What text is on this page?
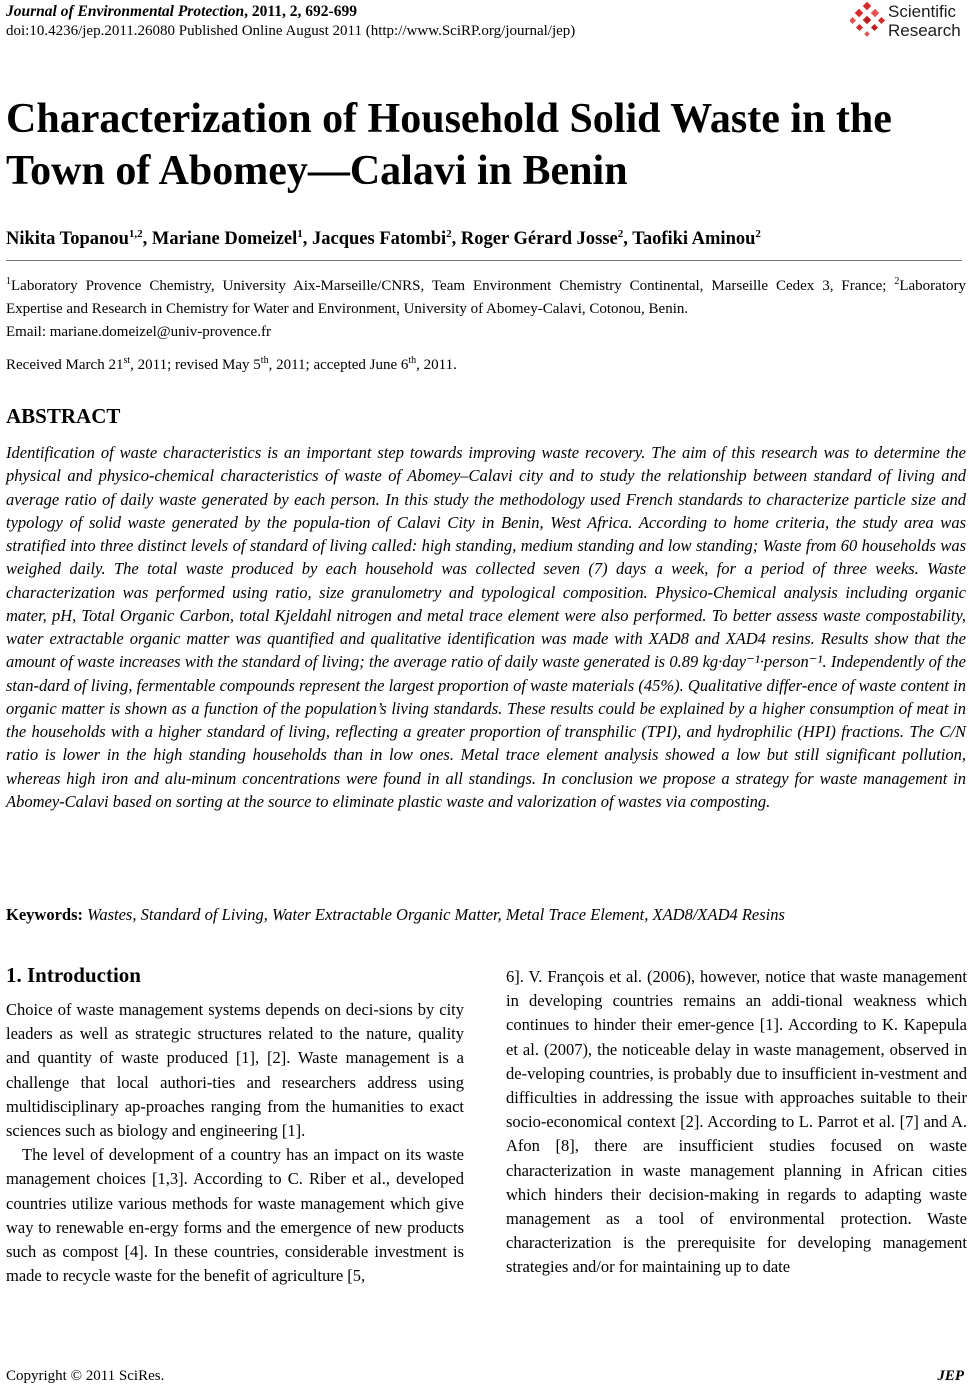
Journal of Environmental Protection, 2011, 2, 692-699
doi:10.4236/jep.2011.26080 Published Online August 2011 (http://www.SciRP.org/journal/jep)
Scientific
Research
Characterization of Household Solid Waste in the Town of Abomey—Calavi in Benin
Nikita Topanou$^{1,2}$, Mariane Domeizel$^1$, Jacques Fatombi$^2$, Roger Gérard Josse$^2$, Taofiki Aminou$^2$
$^1$Laboratory Provence Chemistry, University Aix-Marseille/CNRS, Team Environment Chemistry Continental, Marseille Cedex 3, France; $^2$Laboratory Expertise and Research in Chemistry for Water and Environment, University of Abomey-Calavi, Cotonou, Benin.
Email: mariane.domeizel@univ-provence.fr
Received March 21st, 2011; revised May 5th, 2011; accepted June 6th, 2011.
ABSTRACT

Identification of waste characteristics is an important step towards improving waste recovery. The aim of this research was to determine the physical and physico-chemical characteristics of waste of Abomey–Calavi city and to study the relationship between standard of living and average ratio of daily waste generated by each person. In this study the methodology used French standards to characterize particle size and typology of solid waste generated by the popula-tion of Calavi City in Benin, West Africa. According to home criteria, the study area was stratified into three distinct levels of standard of living called: high standing, medium standing and low standing; Waste from 60 households was weighed daily. The total waste produced by each household was collected seven (7) days a week, for a period of three weeks. Waste characterization was performed using ratio, size granulometry and typological composition. Physico-Chemical analysis including organic mater, pH, Total Organic Carbon, total Kjeldahl nitrogen and metal trace element were also performed. To better assess waste compostability, water extractable organic matter was quantified and qualitative identification was made with XAD8 and XAD4 resins. Results show that the amount of waste increases with the standard of living; the average ratio of daily waste generated is 0.89 kg·day⁻¹·person⁻¹. Independently of the stan-dard of living, fermentable compounds represent the largest proportion of waste materials (45%). Qualitative differ-ence of waste content in organic matter is shown as a function of the population’s living standards. These results could be explained by a higher consumption of meat in the households with a higher standard of living, reflecting a greater proportion of transphilic (TPI), and hydrophilic (HPI) fractions. The C/N ratio is lower in the high standing households than in low ones. Metal trace element analysis showed a low but still significant pollution, whereas high iron and alu-minum concentrations were found in all standings. In conclusion we propose a strategy for waste management in Abomey-Calavi based on sorting at the source to eliminate plastic waste and valorization of wastes via composting.

Keywords: Wastes, Standard of Living, Water Extractable Organic Matter, Metal Trace Element, XAD8/XAD4 Resins
1. Introduction

Choice of waste management systems depends on deci-sions by city leaders as well as strategic structures related to the nature, quality and quantity of waste produced [1], [2]. Waste management is a challenge that local authori-ties and researchers address using multidisciplinary ap-proaches ranging from the humanities to exact sciences such as biology and engineering [1].

The level of development of a country has an impact on its waste management choices [1,3]. According to C. Riber et al., developed countries utilize various methods for waste management which give way to renewable en-ergy forms and the emergence of new products such as compost [4]. In these countries, considerable investment is made to recycle waste for the benefit of agriculture [5,

6]. V. François et al. (2006), however, notice that waste management in developing countries remains an addi-tional weakness which continues to hinder their emer-gence [1]. According to K. Kapepula et al. (2007), the noticeable delay in waste management, observed in de-veloping countries, is probably due to insufficient in-vestment and difficulties in addressing the issue with approaches suitable to their socio-economical context [2]. According to L. Parrot et al. [7] and A. Afon [8], there are insufficient studies focused on waste characterization in waste management planning in African cities which hinders their decision-making in regards to adapting waste management as a tool of environmental protection. Waste characterization is the prerequisite for developing management strategies and/or for maintaining up to date

Copyright © 2011 SciRes.	JEP
